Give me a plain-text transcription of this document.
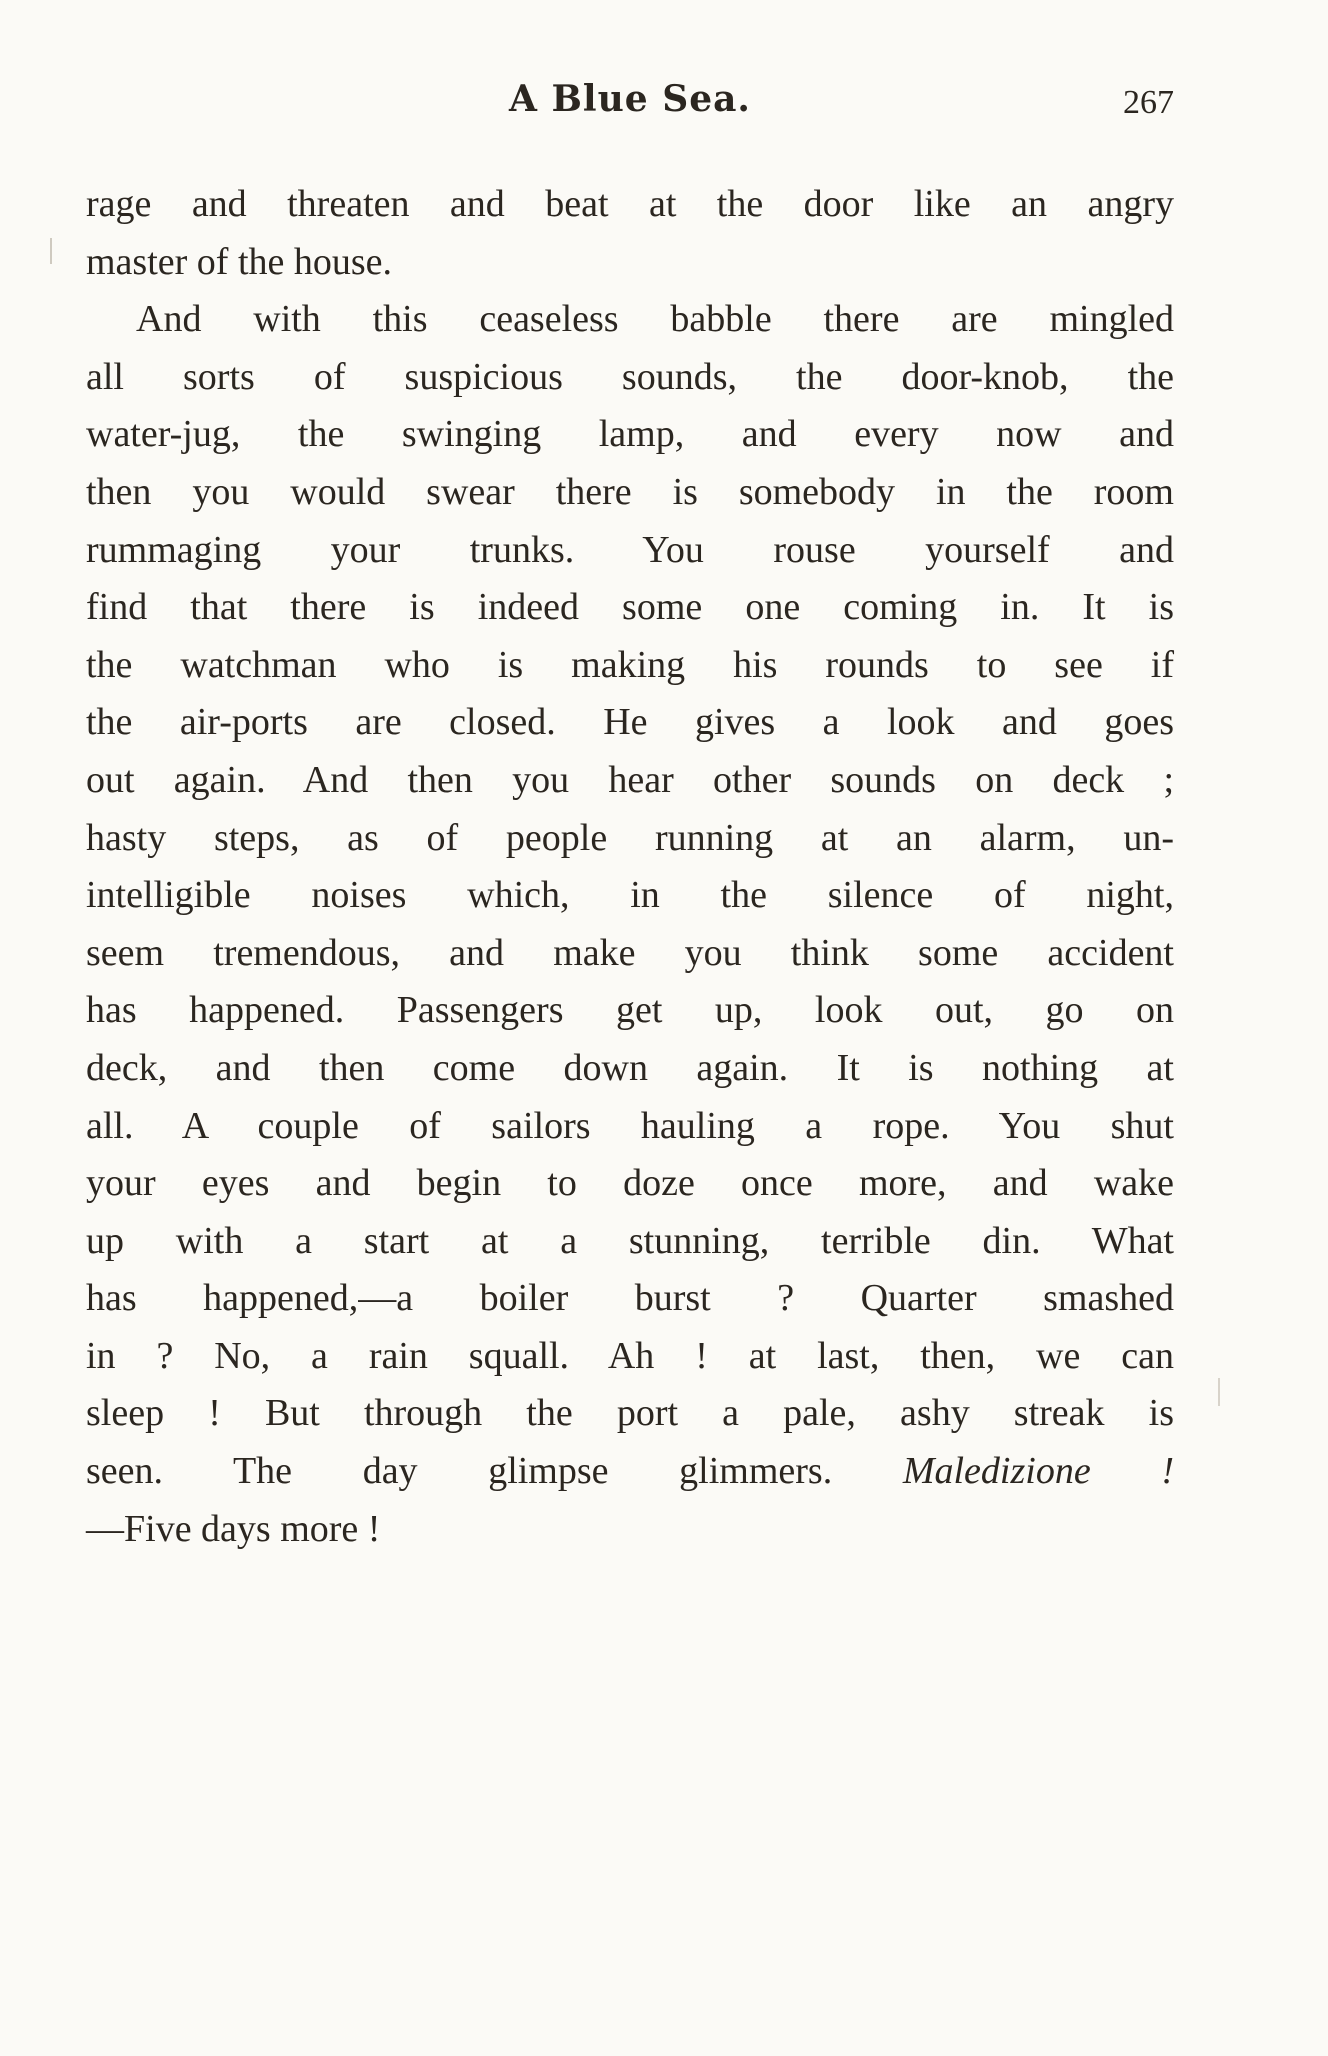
A Blue Sea.	267
rage and threaten and beat at the door like an angry
master of the house.
And with this ceaseless babble there are mingled
all sorts of suspicious sounds, the door-knob, the
water-jug, the swinging lamp, and every now and
then you would swear there is somebody in the room
rummaging your trunks. You rouse yourself and
find that there is indeed some one coming in. It is
the watchman who is making his rounds to see if
the air-ports are closed. He gives a look and goes
out again. And then you hear other sounds on deck ;
hasty steps, as of people running at an alarm, un-
intelligible noises which, in the silence of night,
seem tremendous, and make you think some accident
has happened. Passengers get up, look out, go on
deck, and then come down again. It is nothing at
all. A couple of sailors hauling a rope. You shut
your eyes and begin to doze once more, and wake
up with a start at a stunning, terrible din. What
has happened,—a boiler burst ? Quarter smashed
in ? No, a rain squall. Ah ! at last, then, we can
sleep ! But through the port a pale, ashy streak is
seen. The day glimpse glimmers. Maledizione !
—Five days more !
